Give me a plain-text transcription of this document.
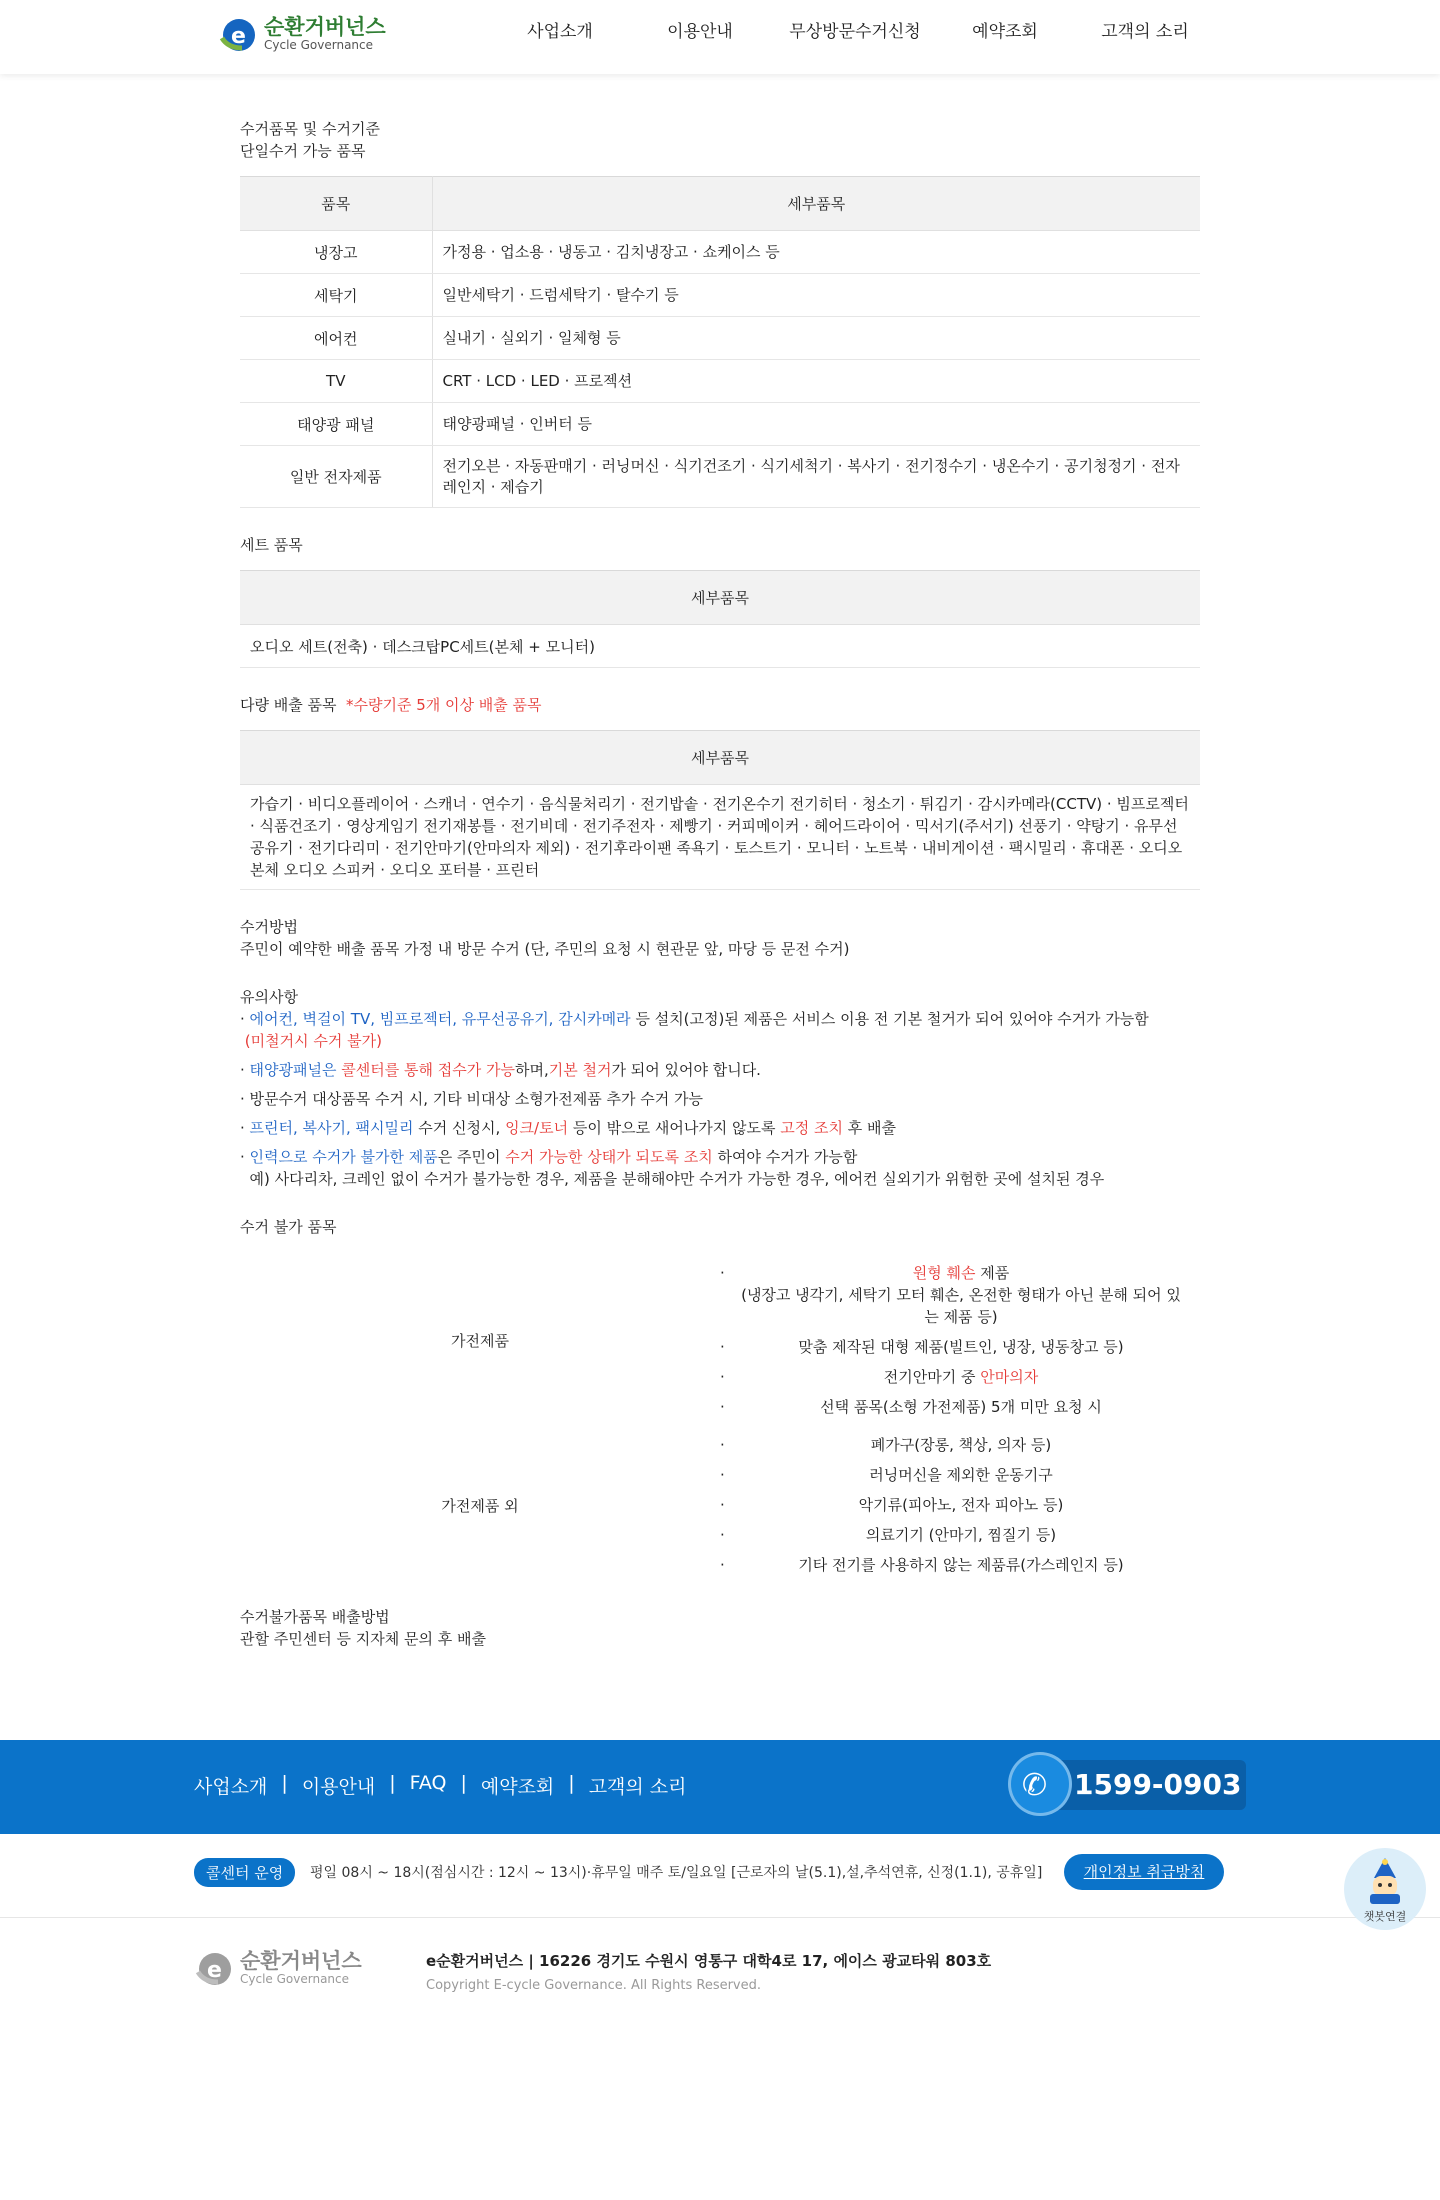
e 순환거버넌스
Cycle Governance
사업소개	이용안내	무상방문수거신청	예약조회	고객의 소리
수거품목 및 수거기준
단일수거 가능 품목
품목	세부품목
냉장고	가정용 · 업소용 · 냉동고 · 김치냉장고 · 쇼케이스 등
세탁기	일반세탁기 · 드럼세탁기 · 탈수기 등
에어컨	실내기 · 실외기 · 일체형 등
TV	CRT · LCD · LED · 프로젝션
태양광 패널	태양광패널 · 인버터 등
일반 전자제품	전기오븐 · 자동판매기 · 러닝머신 · 식기건조기 · 식기세척기 · 복사기 · 전기정수기 · 냉온수기 · 공기청정기 · 전자레인지 · 제습기
세트 품목
세부품목
오디오 세트(전축) · 데스크탑PC세트(본체 + 모니터)
다량 배출 품목 *수량기준 5개 이상 배출 품목
세부품목
가습기 · 비디오플레이어 · 스캐너 · 연수기 · 음식물처리기 · 전기밥솥 · 전기온수기 전기히터 · 청소기 · 튀김기 · 감시카메라(CCTV) · 빔프로젝터 · 식품건조기 · 영상게임기 전기재봉틀 · 전기비데 · 전기주전자 · 제빵기 · 커피메이커 · 헤어드라이어 · 믹서기(주서기) 선풍기 · 약탕기 · 유무선공유기 · 전기다리미 · 전기안마기(안마의자 제외) · 전기후라이팬 족욕기 · 토스트기 · 모니터 · 노트북 · 내비게이션 · 팩시밀리 · 휴대폰 · 오디오 본체 오디오 스피커 · 오디오 포터블 · 프린터
수거방법
주민이 예약한 배출 품목 가정 내 방문 수거 (단, 주민의 요청 시 현관문 앞, 마당 등 문전 수거)
유의사항
· 에어컨, 벽걸이 TV, 빔프로젝터, 유무선공유기, 감시카메라 등 설치(고정)된 제품은 서비스 이용 전 기본 철거가 되어 있어야 수거가 가능함
(미철거시 수거 불가)
· 태양광패널은 콜센터를 통해 접수가 가능하며,기본 철거가 되어 있어야 합니다.
· 방문수거 대상품목 수거 시, 기타 비대상 소형가전제품 추가 수거 가능
· 프린터, 복사기, 팩시밀리 수거 신청시, 잉크/토너 등이 밖으로 새어나가지 않도록 고정 조치 후 배출
· 인력으로 수거가 불가한 제품은 주민이 수거 가능한 상태가 되도록 조치 하여야 수거가 가능함
예) 사다리차, 크레인 없이 수거가 불가능한 경우, 제품을 분해해야만 수거가 가능한 경우, 에어컨 실외기가 위험한 곳에 설치된 경우
수거 불가 품목
가전제품
·	원형 훼손 제품
(냉장고 냉각기, 세탁기 모터 훼손, 온전한 형태가 아닌 분해 되어 있는 제품 등)
·	맞춤 제작된 대형 제품(빌트인, 냉장, 냉동창고 등)
·	전기안마기 중 안마의자
·	선택 품목(소형 가전제품) 5개 미만 요청 시
가전제품 외
·	폐가구(장롱, 책상, 의자 등)
·	러닝머신을 제외한 운동기구
·	악기류(피아노, 전자 피아노 등)
·	의료기기 (안마기, 찜질기 등)
·	기타 전기를 사용하지 않는 제품류(가스레인지 등)
수거불가품목 배출방법
관할 주민센터 등 지자체 문의 후 배출
사업소개 | 이용안내 | FAQ | 예약조회 | 고객의 소리	✆ 1599-0903
콜센터 운영	평일 08시 ~ 18시(점심시간 : 12시 ~ 13시)·휴무일 매주 토/일요일 [근로자의 날(5.1),설,추석연휴, 신정(1.1), 공휴일]	개인정보 취급방침
챗봇연결
e 순환거버넌스
Cycle Governance
e순환거버넌스 | 16226 경기도 수원시 영통구 대학4로 17, 에이스 광교타워 803호
Copyright E-cycle Governance. All Rights Reserved.
